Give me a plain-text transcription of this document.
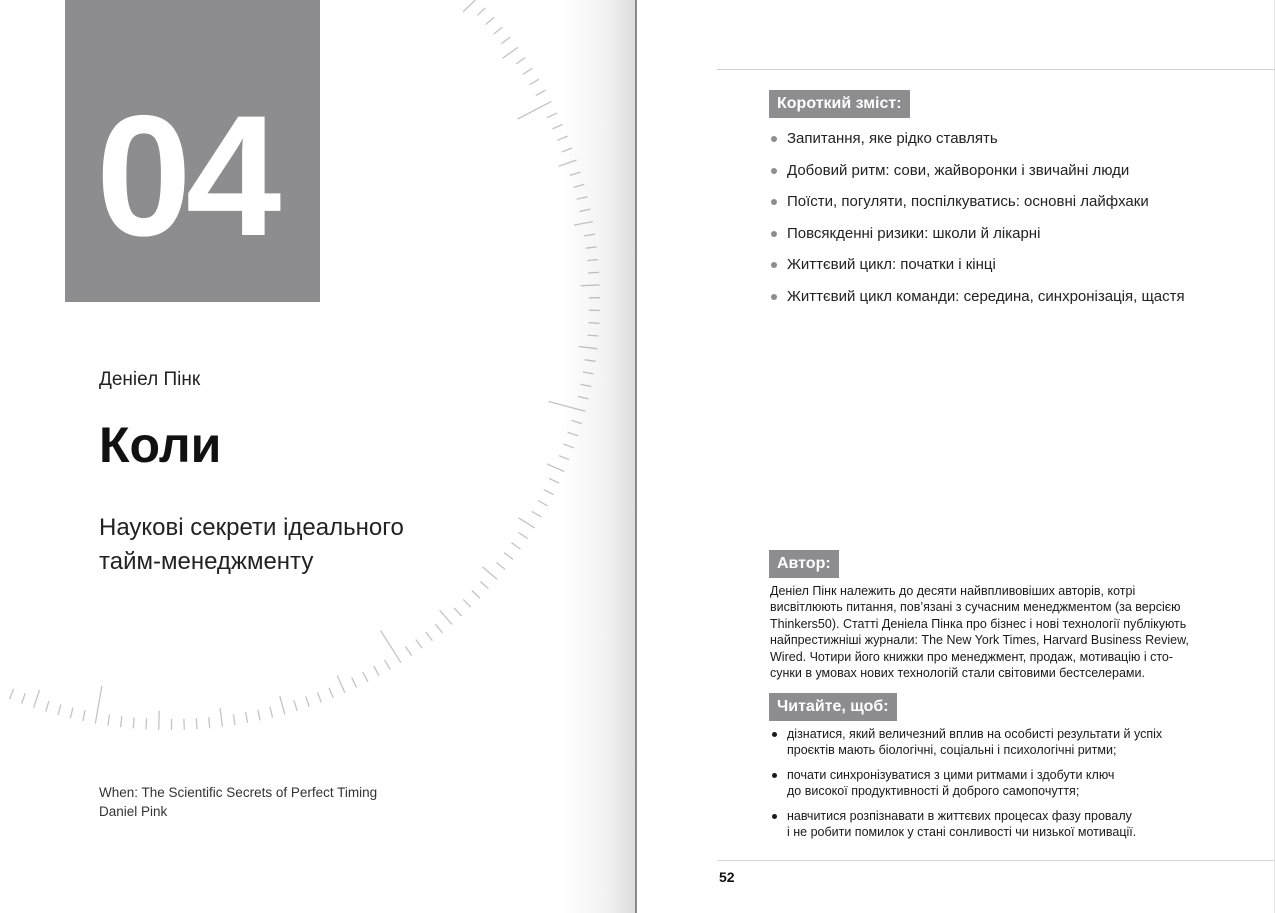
04
Деніел Пінк
Коли
Наукові секрети ідеального
тайм-менеджменту
When: The Scientific Secrets of Perfect Timing
Daniel Pink
Короткий зміст:
Запитання, яке рідко ставлять
Добовий ритм: сови, жайворонки і звичайні люди
Поїсти, погуляти, поспілкуватись: основні лайфхаки
Повсякденні ризики: школи й лікарні
Життєвий цикл: початки і кінці
Життєвий цикл команди: середина, синхронізація, щастя
Автор:
Деніел Пінк належить до десяти найвпливовіших авторів, котрі
висвітлюють питання, пов’язані з сучасним менеджментом (за версією
Thinkers50). Статті Деніела Пінка про бізнес і нові технології публікують
найпрестижніші журнали: The New York Times, Harvard Business Review,
Wired. Чотири його книжки про менеджмент, продаж, мотивацію і сто-
сунки в умовах нових технологій стали світовими бестселерами.
Читайте, щоб:
дізнатися, який величезний вплив на особисті результати й успіх
проєктів мають біологічні, соціальні і психологічні ритми;
почати синхронізуватися з цими ритмами і здобути ключ
до високої продуктивності й доброго самопочуття;
навчитися розпізнавати в життєвих процесах фазу провалу
і не робити помилок у стані сонливості чи низької мотивації.
52
